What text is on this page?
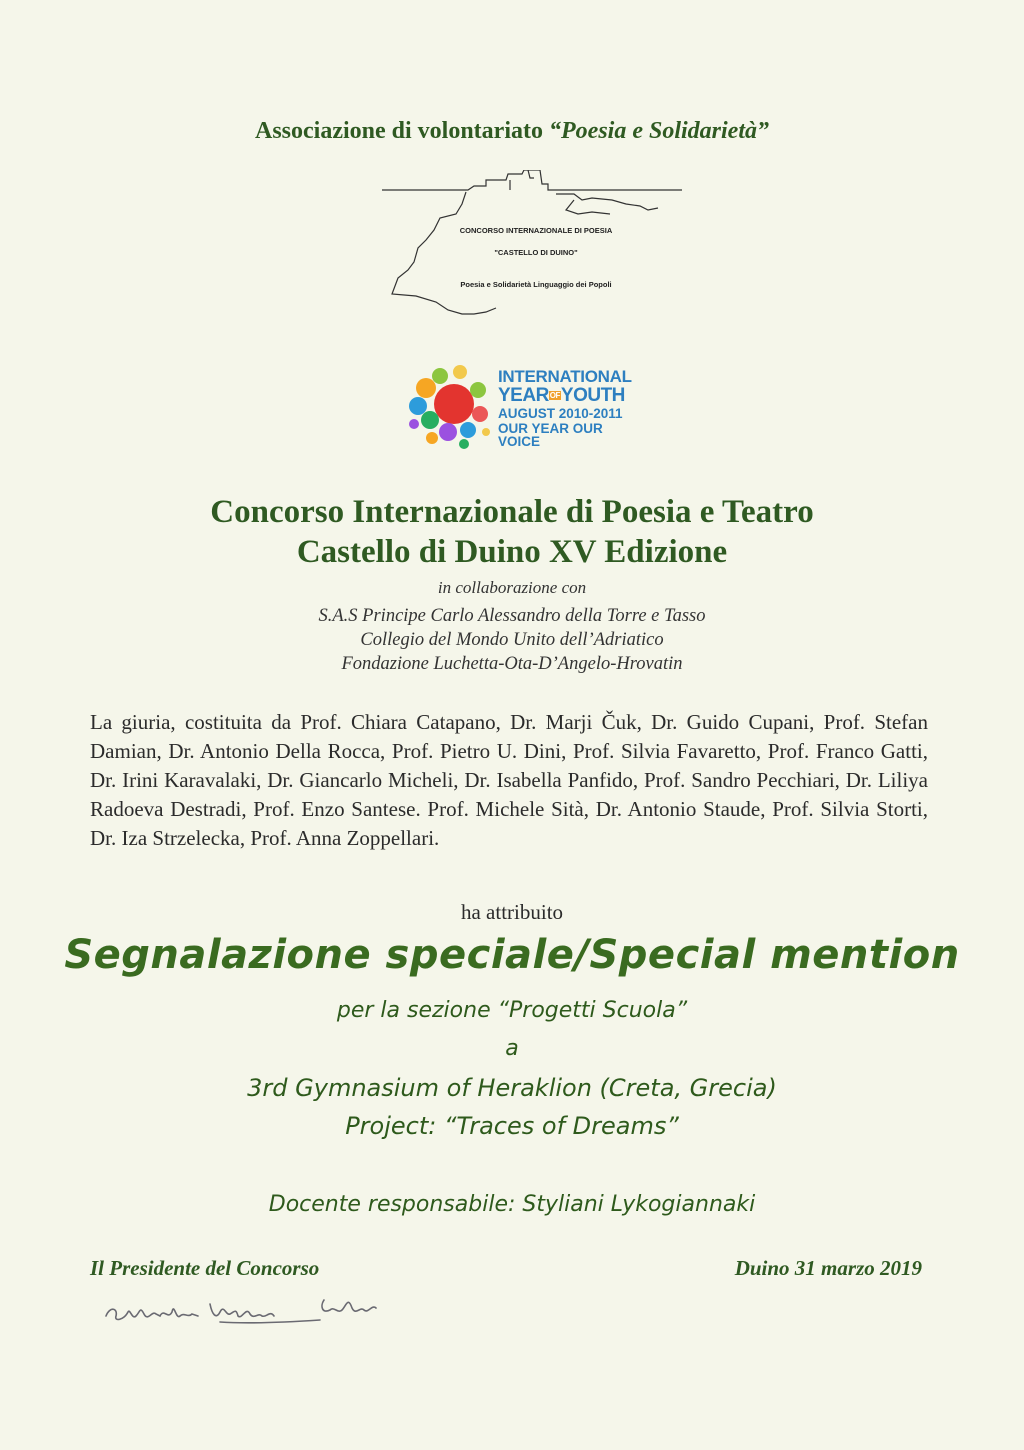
Associazione di volontariato “Poesia e Solidarietà”
CONCORSO INTERNAZIONALE DI POESIA
"CASTELLO DI DUINO"
Poesia e Solidarietà Linguaggio dei Popoli
INTERNATIONAL
YEAROFYOUTH
AUGUST 2010-2011
OUR YEAR OUR VOICE
Concorso Internazionale di Poesia e Teatro
Castello di Duino XV Edizione
in collaborazione con
S.A.S Principe Carlo Alessandro della Torre e Tasso
Collegio del Mondo Unito dell’Adriatico
Fondazione Luchetta-Ota-D’Angelo-Hrovatin
La giuria, costituita da Prof. Chiara Catapano, Dr. Marji Čuk, Dr. Guido Cupani, Prof. Stefan Damian, Dr. Antonio Della Rocca, Prof. Pietro U. Dini, Prof. Silvia Favaretto, Prof. Franco Gatti, Dr. Irini Karavalaki, Dr. Giancarlo Micheli, Dr. Isabella Panfido, Prof. Sandro Pecchiari, Dr. Liliya Radoeva Destradi, Prof. Enzo Santese. Prof. Michele Sità, Dr. Antonio Staude, Prof. Silvia Storti, Dr. Iza Strzelecka, Prof. Anna Zoppellari.
ha attribuito
Segnalazione speciale/Special mention
per la sezione “Progetti Scuola”
a
3rd Gymnasium of Heraklion (Creta, Grecia)
Project: “Traces of Dreams”
Docente responsabile: Styliani Lykogiannaki
Il Presidente del Concorso	Duino 31 marzo 2019
